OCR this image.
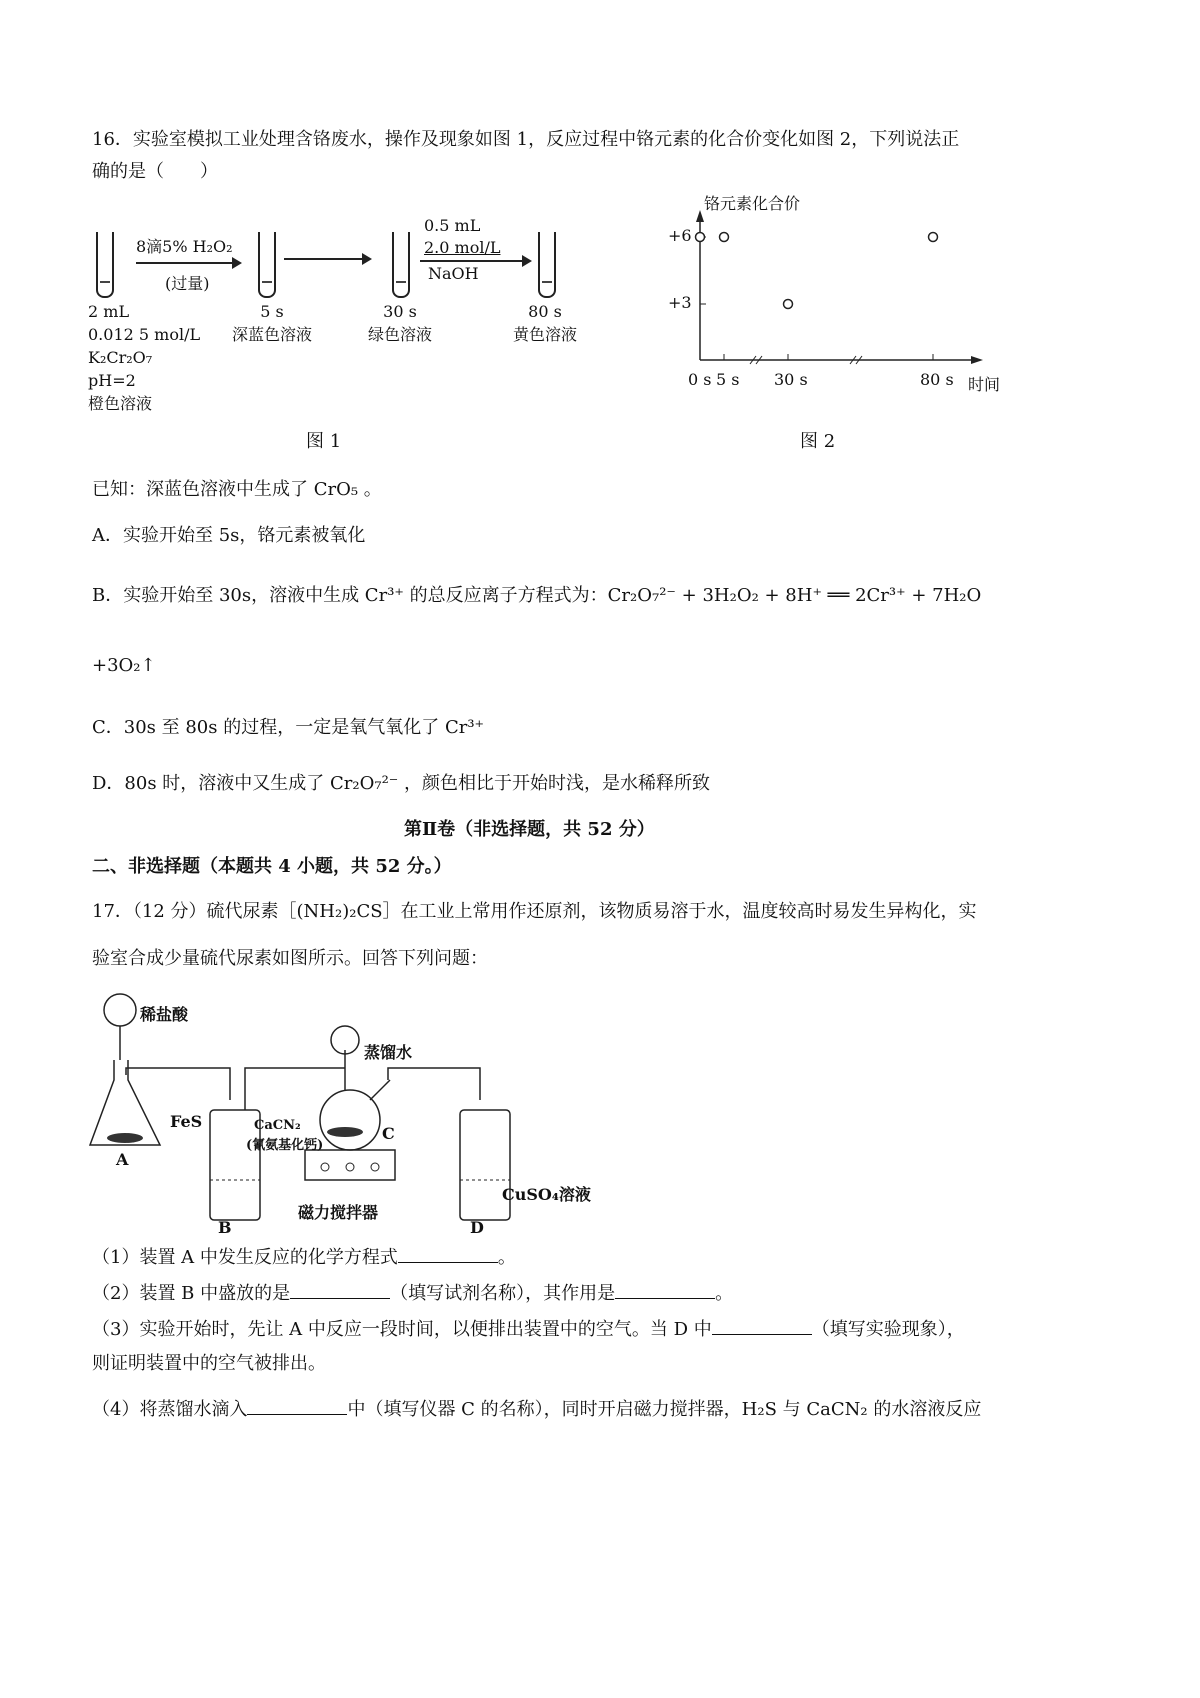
16．实验室模拟工业处理含铬废水，操作及现象如图 1，反应过程中铬元素的化合价变化如图 2，下列说法正
确的是（　　）
8滴5% H₂O₂
(过量)
0.5 mL
2.0 mol/L
NaOH
2 mL
0.012 5 mol/L
K₂Cr₂O₇
pH=2
橙色溶液
5 s
深蓝色溶液
30 s
绿色溶液
80 s
黄色溶液
图 1
铬元素化合价
+6
+3
0 s 5 s 30 s	80 s 时间
图 2
已知：深蓝色溶液中生成了 CrO₅ 。
A．实验开始至 5s，铬元素被氧化
B．实验开始至 30s，溶液中生成 Cr³⁺ 的总反应离子方程式为：Cr₂O₇²⁻ + 3H₂O₂ + 8H⁺ ══ 2Cr³⁺ + 7H₂O
+3O₂↑
C．30s 至 80s 的过程，一定是氧气氧化了 Cr³⁺
D．80s 时，溶液中又生成了 Cr₂O₇²⁻ ，颜色相比于开始时浅，是水稀释所致
第Ⅱ卷（非选择题，共 52 分）
二、非选择题（本题共 4 小题，共 52 分。）
17．（12 分）硫代尿素［(NH₂)₂CS］在工业上常用作还原剂，该物质易溶于水，温度较高时易发生异构化，实
验室合成少量硫代尿素如图所示。回答下列问题：
稀盐酸
FeS
A
B
蒸馏水
CaCN₂
(氰氨基化钙)
C
磁力搅拌器
CuSO₄溶液
D
（1）装置 A 中发生反应的化学方程式	。
（2）装置 B 中盛放的是	（填写试剂名称），其作用是	。
（3）实验开始时，先让 A 中反应一段时间，以便排出装置中的空气。当 D 中	（填写实验现象），
则证明装置中的空气被排出。
（4）将蒸馏水滴入	中（填写仪器 C 的名称），同时开启磁力搅拌器，H₂S 与 CaCN₂ 的水溶液反应
